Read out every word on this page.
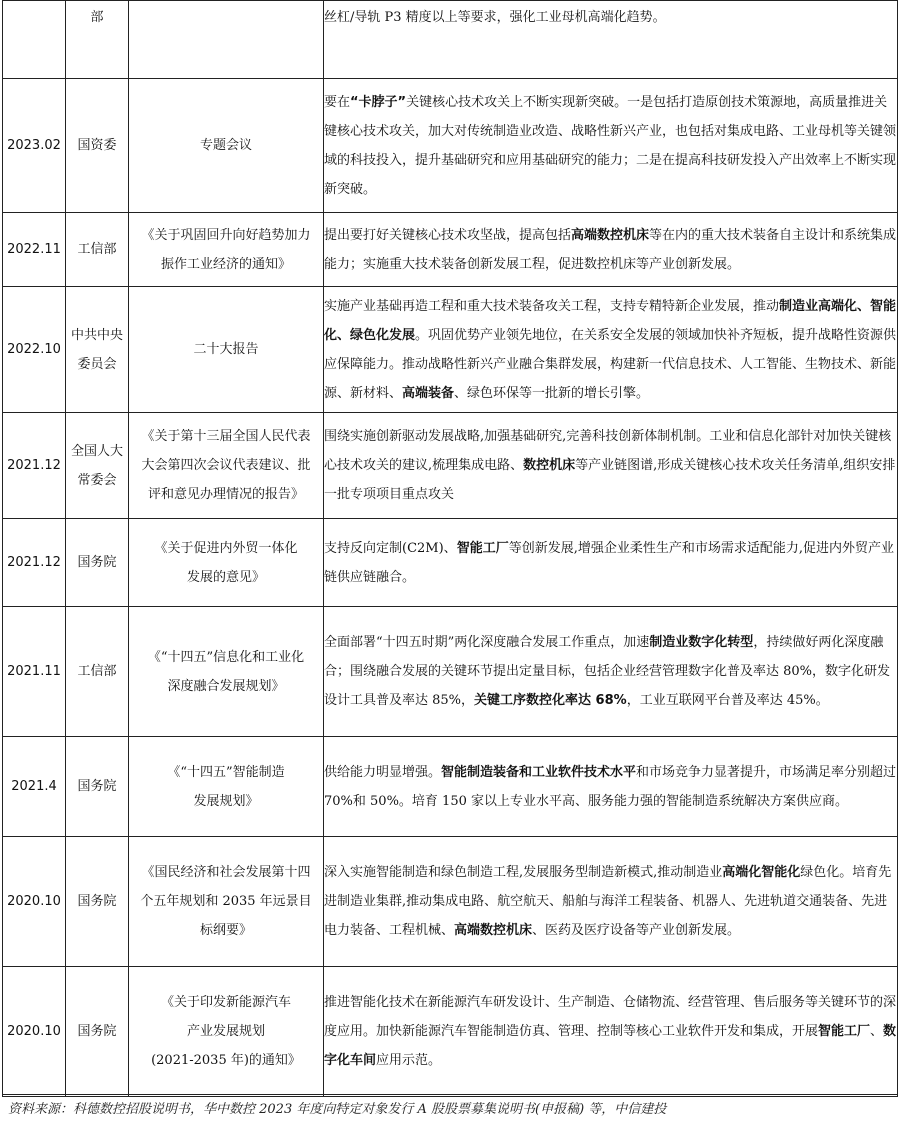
	部		丝杠/导轨 P3 精度以上等要求，强化工业母机高端化趋势。
2023.02	国资委	专题会议	要在“卡脖子”关键核心技术攻关上不断实现新突破。一是包括打造原创技术策源地，高质量推进关键核心技术攻关，加大对传统制造业改造、战略性新兴产业，也包括对集成电路、工业母机等关键领域的科技投入，提升基础研究和应用基础研究的能力；二是在提高科技研发投入产出效率上不断实现新突破。
2022.11	工信部	《关于巩固回升向好趋势加力
振作工业经济的通知》	提出要打好关键核心技术攻坚战，提高包括高端数控机床等在内的重大技术装备自主设计和系统集成能力；实施重大技术装备创新发展工程，促进数控机床等产业创新发展。
2022.10	中共中央委员会	二十大报告	实施产业基础再造工程和重大技术装备攻关工程，支持专精特新企业发展，推动制造业高端化、智能化、绿色化发展。巩固优势产业领先地位，在关系安全发展的领域加快补齐短板，提升战略性资源供应保障能力。推动战略性新兴产业融合集群发展，构建新一代信息技术、人工智能、生物技术、新能源、新材料、高端装备、绿色环保等一批新的增长引擎。
2021.12	全国人大常委会	《关于第十三届全国人民代表
大会第四次会议代表建议、批
评和意见办理情况的报告》	围绕实施创新驱动发展战略,加强基础研究,完善科技创新体制机制。工业和信息化部针对加快关键核心技术攻关的建议,梳理集成电路、数控机床等产业链图谱,形成关键核心技术攻关任务清单,组织安排一批专项项目重点攻关
2021.12	国务院	《关于促进内外贸一体化
发展的意见》	支持反向定制(C2M)、智能工厂等创新发展,增强企业柔性生产和市场需求适配能力,促进内外贸产业链供应链融合。
2021.11	工信部	《“十四五”信息化和工业化
深度融合发展规划》	全面部署“十四五时期”两化深度融合发展工作重点，加速制造业数字化转型，持续做好两化深度融合；围绕融合发展的关键环节提出定量目标，包括企业经营管理数字化普及率达 80%，数字化研发设计工具普及率达 85%，关键工序数控化率达 68%，工业互联网平台普及率达 45%。
2021.4	国务院	《“十四五”智能制造
发展规划》	供给能力明显增强。智能制造装备和工业软件技术水平和市场竞争力显著提升，市场满足率分别超过 70%和 50%。培育 150 家以上专业水平高、服务能力强的智能制造系统解决方案供应商。
2020.10	国务院	《国民经济和社会发展第十四
个五年规划和 2035 年远景目
标纲要》	深入实施智能制造和绿色制造工程,发展服务型制造新模式,推动制造业高端化智能化绿色化。培育先进制造业集群,推动集成电路、航空航天、船舶与海洋工程装备、机器人、先进轨道交通装备、先进电力装备、工程机械、高端数控机床、医药及医疗设备等产业创新发展。
2020.10	国务院	《关于印发新能源汽车
产业发展规划
(2021-2035 年)的通知》	推进智能化技术在新能源汽车研发设计、生产制造、仓储物流、经营管理、售后服务等关键环节的深度应用。加快新能源汽车智能制造仿真、管理、控制等核心工业软件开发和集成，开展智能工厂、数字化车间应用示范。
资料来源：科德数控招股说明书，华中数控 2023 年度向特定对象发行 A 股股票募集说明书(申报稿) 等，中信建投
